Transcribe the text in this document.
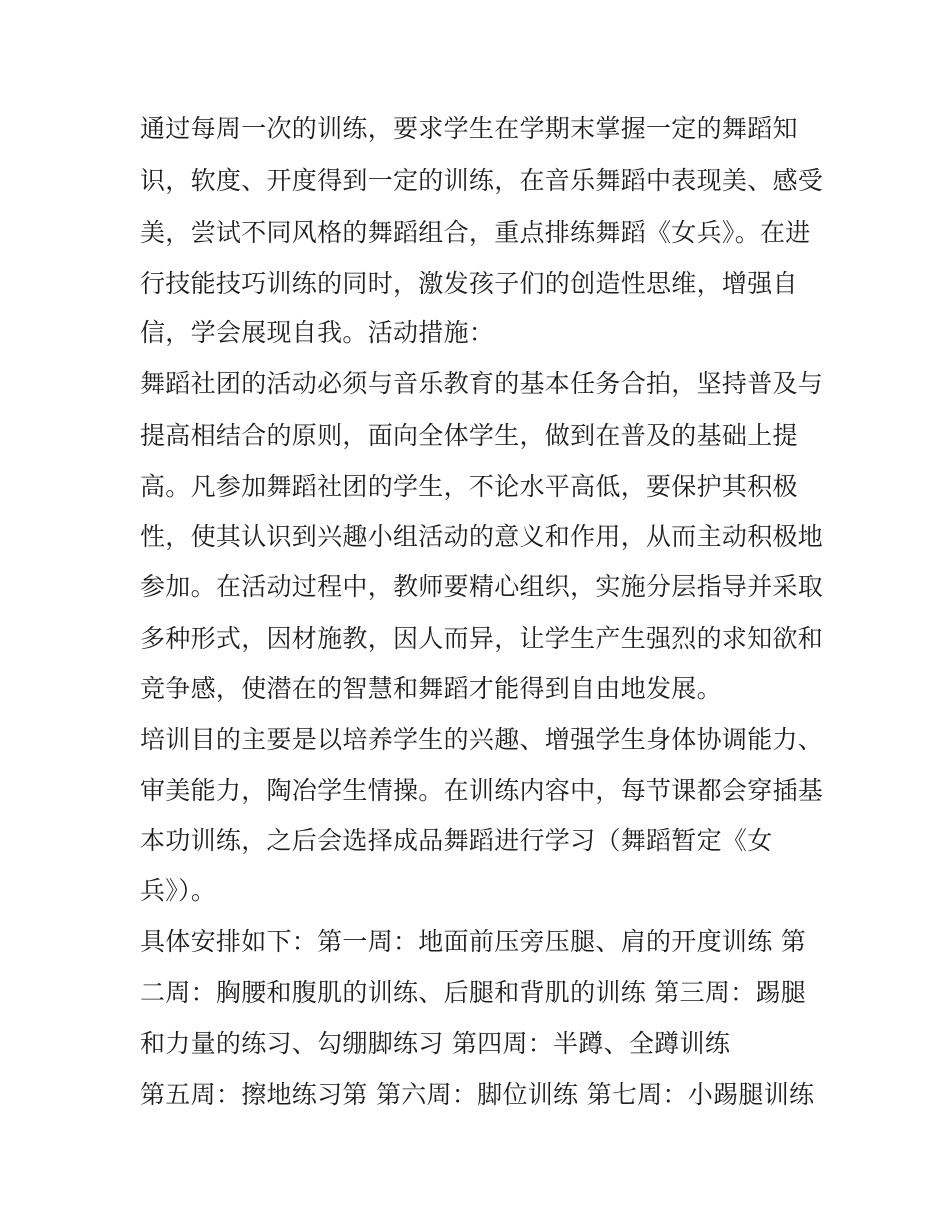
通过每周一次的训练，要求学生在学期末掌握一定的舞蹈知
识，软度、开度得到一定的训练，在音乐舞蹈中表现美、感受
美，尝试不同风格的舞蹈组合，重点排练舞蹈《女兵》。在进
行技能技巧训练的同时，激发孩子们的创造性思维，增强自
信，学会展现自我。活动措施：
舞蹈社团的活动必须与音乐教育的基本任务合拍，坚持普及与
提高相结合的原则，面向全体学生，做到在普及的基础上提
高。凡参加舞蹈社团的学生，不论水平高低，要保护其积极
性，使其认识到兴趣小组活动的意义和作用，从而主动积极地
参加。在活动过程中，教师要精心组织，实施分层指导并采取
多种形式，因材施教，因人而异，让学生产生强烈的求知欲和
竞争感，使潜在的智慧和舞蹈才能得到自由地发展。
培训目的主要是以培养学生的兴趣、增强学生身体协调能力、
审美能力，陶冶学生情操。在训练内容中，每节课都会穿插基
本功训练，之后会选择成品舞蹈进行学习（舞蹈暂定《女
兵》）。
具体安排如下：第一周：地面前压旁压腿、肩的开度训练 第
二周：胸腰和腹肌的训练、后腿和背肌的训练 第三周：踢腿
和力量的练习、勾绷脚练习 第四周：半蹲、全蹲训练
第五周：擦地练习第 第六周：脚位训练 第七周：小踢腿训练
